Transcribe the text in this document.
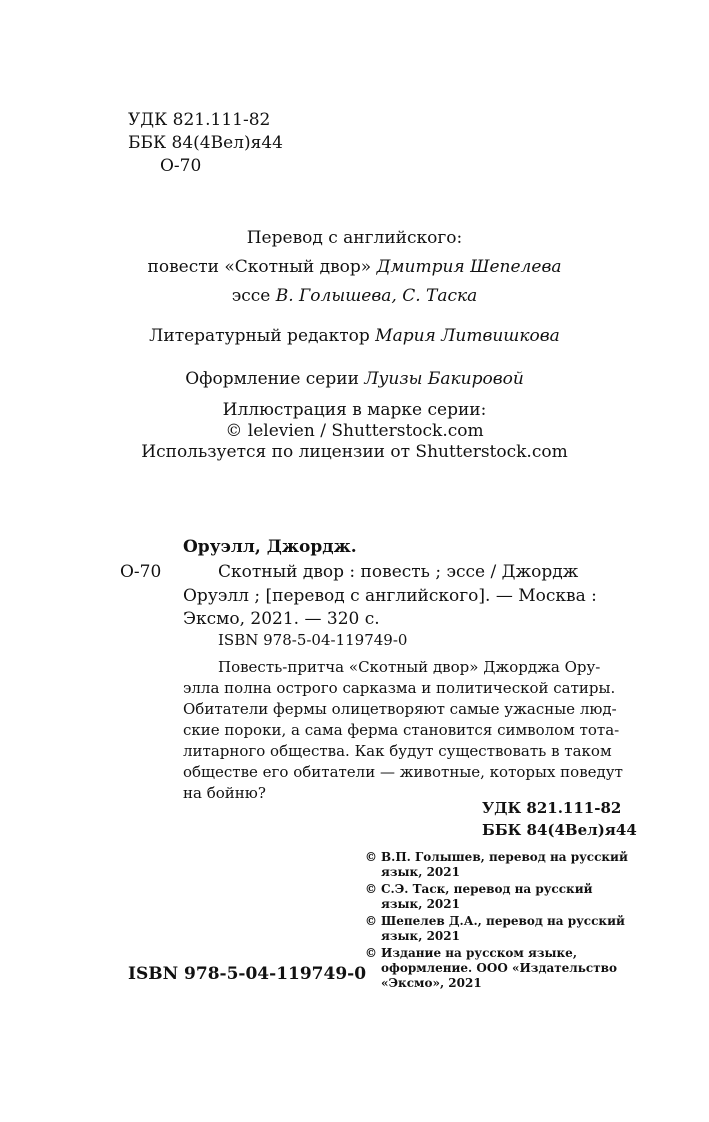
УДК 821.111-82
ББК 84(4Вел)я44
О-70
Перевод с английского:
повести «Скотный двор» Дмитрия Шепелева
эссе В. Голышева, С. Таска
Литературный редактор Мария Литвишкова
Оформление серии Луизы Бакировой
Иллюстрация в марке серии:
© lelevien / Shutterstock.com
Используется по лицензии от Shutterstock.com
Оруэлл, Джордж.
О-70	Скотный двор : повесть ; эссе / Джордж
Оруэлл ; [перевод с английского]. — Москва :
Эксмо, 2021. — 320 с.
ISBN 978-5-04-119749-0
Повесть-притча «Скотный двор» Джорджа Ору-
элла полна острого сарказма и политической сатиры.
Обитатели фермы олицетворяют самые ужасные люд-
ские пороки, а сама ферма становится символом тота-
литарного общества. Как будут существовать в таком
обществе его обитатели — животные, которых поведут
на бойню?
УДК 821.111-82
ББК 84(4Вел)я44
© В.П. Голышев, перевод на русский
язык, 2021
© С.Э. Таск, перевод на русский
язык, 2021
© Шепелев Д.А., перевод на русский
язык, 2021
© Издание на русском языке,
оформление. ООО «Издательство
«Эксмо», 2021
ISBN 978-5-04-119749-0
